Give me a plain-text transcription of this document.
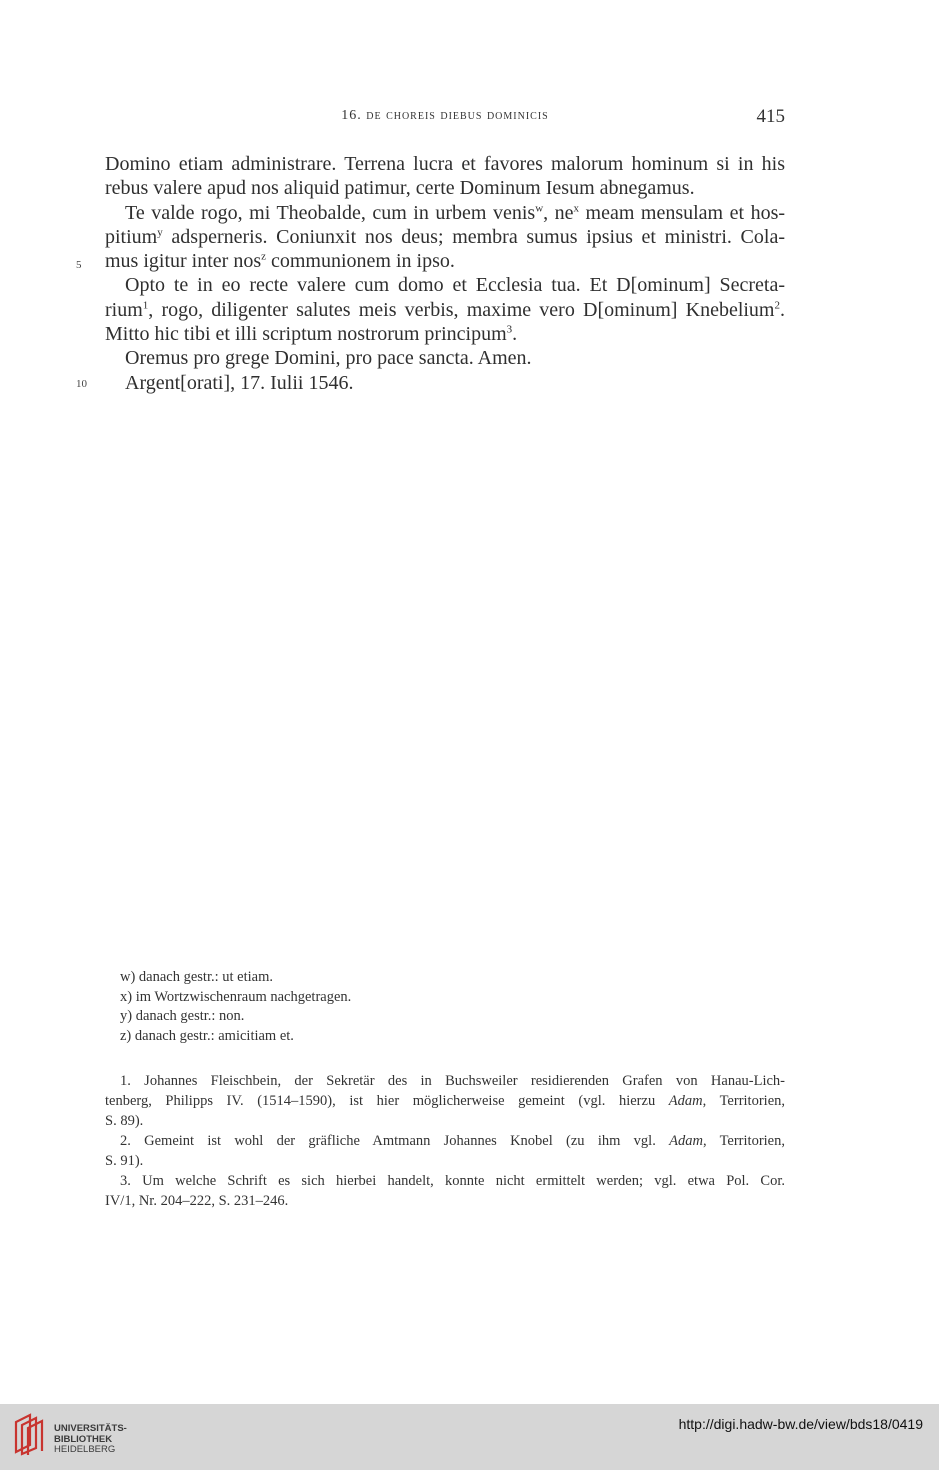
16. de choreis diebus dominicis	415
Domino etiam administrare. Terrena lucra et favores malorum hominum si in his
rebus valere apud nos aliquid patimur, certe Dominum Iesum abnegamus.
Te valde rogo, mi Theobalde, cum in urbem venis$^w$, $ne^x$ meam mensulam et hos-
pitium$^y$ adsperneris. Coniunxit nos deus; membra sumus ipsius et ministri. Cola-
mus igitur inter nos$^z$ communionem in ipso.
Opto te in eo recte valere cum domo et Ecclesia tua. Et D[ominum] Secreta-
rium$^1$, rogo, diligenter salutes meis verbis, maxime vero D[ominum] Knebelium$^2$.
Mitto hic tibi et illi scriptum nostrorum principum$^3$.
Oremus pro grege Domini, pro pace sancta. Amen.
Argent[orati], 17. Iulii 1546.
5
10
w) danach gestr.: ut etiam.
x) im Wortzwischenraum nachgetragen.
y) danach gestr.: non.
z) danach gestr.: amicitiam et.
1. Johannes Fleischbein, der Sekretär des in Buchsweiler residierenden Grafen von Hanau-Lich-
tenberg, Philipps IV. (1514–1590), ist hier möglicherweise gemeint (vgl. hierzu Adam, Territorien,
S. 89).
2. Gemeint ist wohl der gräfliche Amtmann Johannes Knobel (zu ihm vgl. Adam, Territorien,
S. 91).
3. Um welche Schrift es sich hierbei handelt, konnte nicht ermittelt werden; vgl. etwa Pol. Cor.
IV/1, Nr. 204–222, S. 231–246.
UNIVERSITÄTS-
BIBLIOTHEK
HEIDELBERG
http://digi.hadw-bw.de/view/bds18/0419
